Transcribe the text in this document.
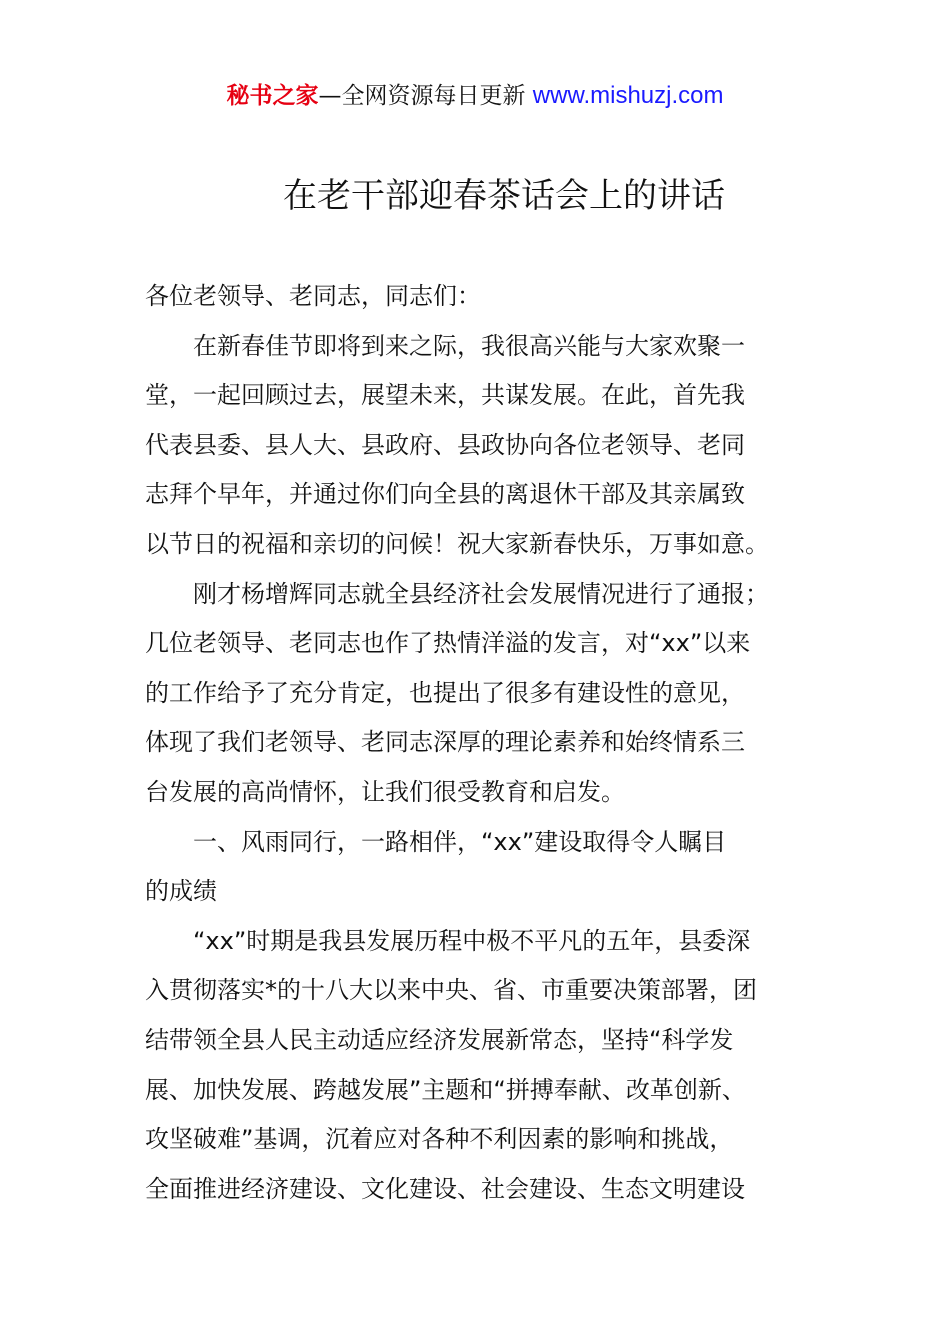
秘书之家—全网资源每日更新 www.mishuzj.com
在老干部迎春茶话会上的讲话
各位老领导、老同志，同志们：
在新春佳节即将到来之际，我很高兴能与大家欢聚一
堂，一起回顾过去，展望未来，共谋发展。在此，首先我
代表县委、县人大、县政府、县政协向各位老领导、老同
志拜个早年，并通过你们向全县的离退休干部及其亲属致
以节日的祝福和亲切的问候！祝大家新春快乐，万事如意。
刚才杨增辉同志就全县经济社会发展情况进行了通报；
几位老领导、老同志也作了热情洋溢的发言，对“xx”以来
的工作给予了充分肯定，也提出了很多有建设性的意见，
体现了我们老领导、老同志深厚的理论素养和始终情系三
台发展的高尚情怀，让我们很受教育和启发。
一、风雨同行，一路相伴，“xx”建设取得令人瞩目
的成绩
“xx”时期是我县发展历程中极不平凡的五年，县委深
入贯彻落实*的十八大以来中央、省、市重要决策部署，团
结带领全县人民主动适应经济发展新常态，坚持“科学发
展、加快发展、跨越发展”主题和“拼搏奉献、改革创新、
攻坚破难”基调，沉着应对各种不利因素的影响和挑战，
全面推进经济建设、文化建设、社会建设、生态文明建设
